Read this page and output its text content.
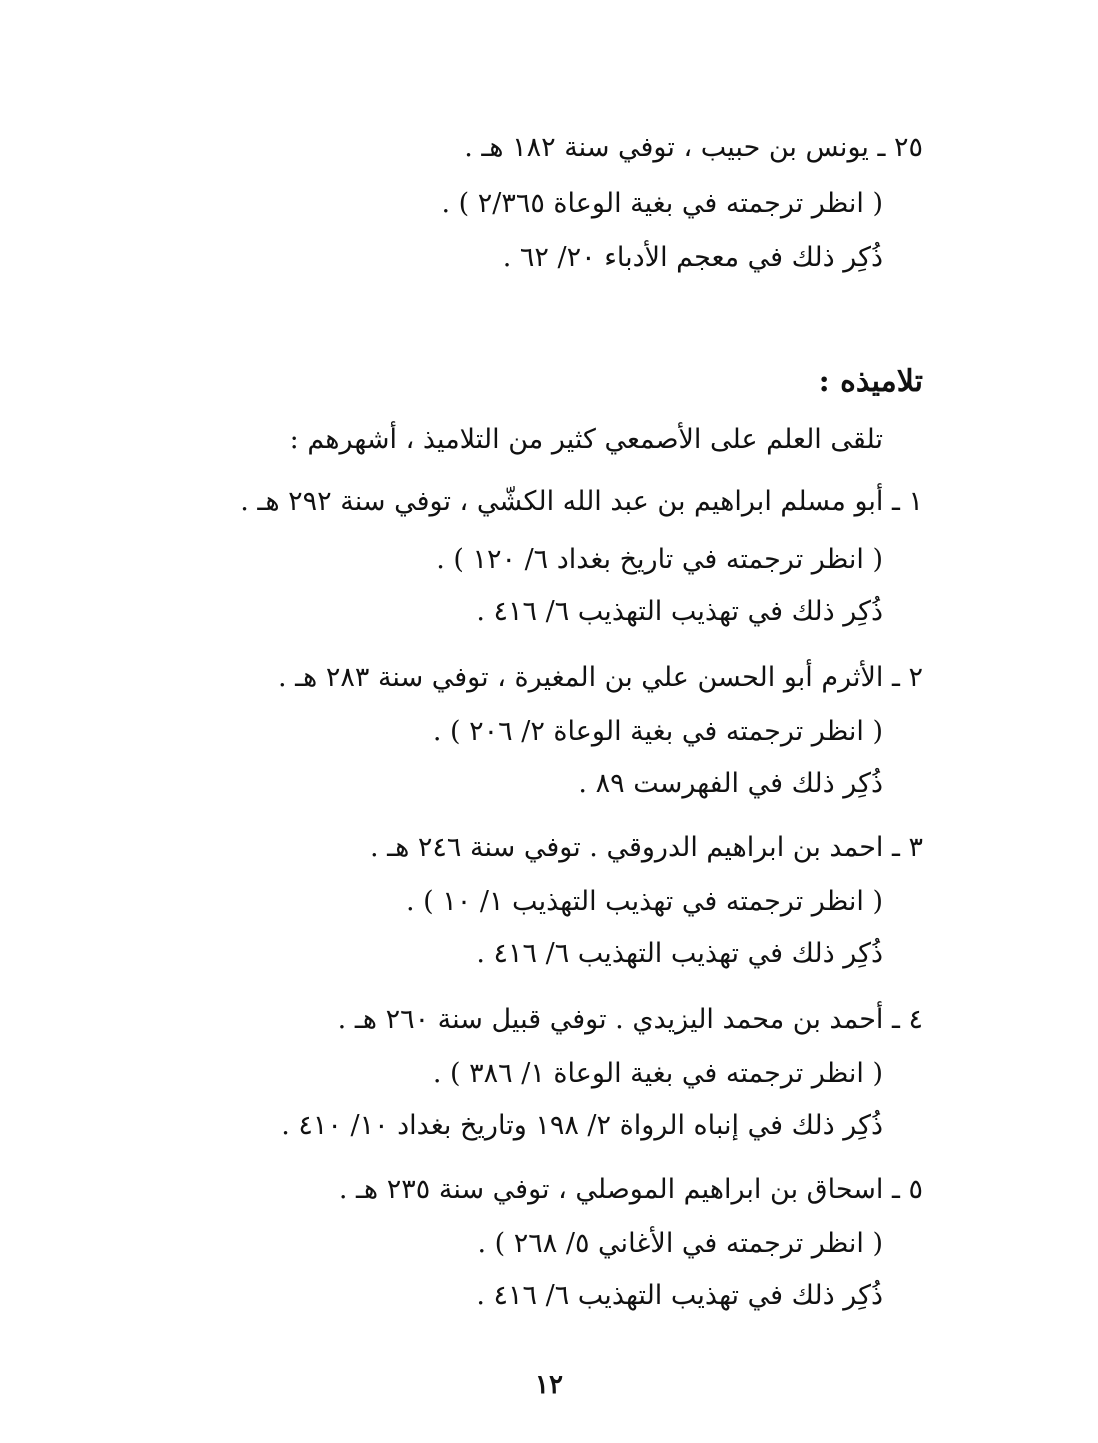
٢٥ ـ يونس بن حبيب ، توفي سنة ١٨٢ هـ .
( انظر ترجمته في بغية الوعاة ٢/٣٦٥ ) .
ذُكِر ذلك في معجم الأدباء ٢٠/ ٦٢ .
تلاميذه :
تلقى العلم على الأصمعي كثير من التلاميذ ، أشهرهم :
١ ـ أبو مسلم ابراهيم بن عبد الله الكشّي ، توفي سنة ٢٩٢ هـ .
( انظر ترجمته في تاريخ بغداد ٦/ ١٢٠ ) .
ذُكِر ذلك في تهذيب التهذيب ٦/ ٤١٦ .
٢ ـ الأثرم أبو الحسن علي بن المغيرة ، توفي سنة ٢٨٣ هـ .
( انظر ترجمته في بغية الوعاة ٢/ ٢٠٦ ) .
ذُكِر ذلك في الفهرست ٨٩ .
٣ ـ احمد بن ابراهيم الدروقي . توفي سنة ٢٤٦ هـ .
( انظر ترجمته في تهذيب التهذيب ١/ ١٠ ) .
ذُكِر ذلك في تهذيب التهذيب ٦/ ٤١٦ .
٤ ـ أحمد بن محمد اليزيدي . توفي قبيل سنة ٢٦٠ هـ .
( انظر ترجمته في بغية الوعاة ١/ ٣٨٦ ) .
ذُكِر ذلك في إنباه الرواة ٢/ ١٩٨ وتاريخ بغداد ١٠/ ٤١٠ .
٥ ـ اسحاق بن ابراهيم الموصلي ، توفي سنة ٢٣٥ هـ .
( انظر ترجمته في الأغاني ٥/ ٢٦٨ ) .
ذُكِر ذلك في تهذيب التهذيب ٦/ ٤١٦ .
١٢
